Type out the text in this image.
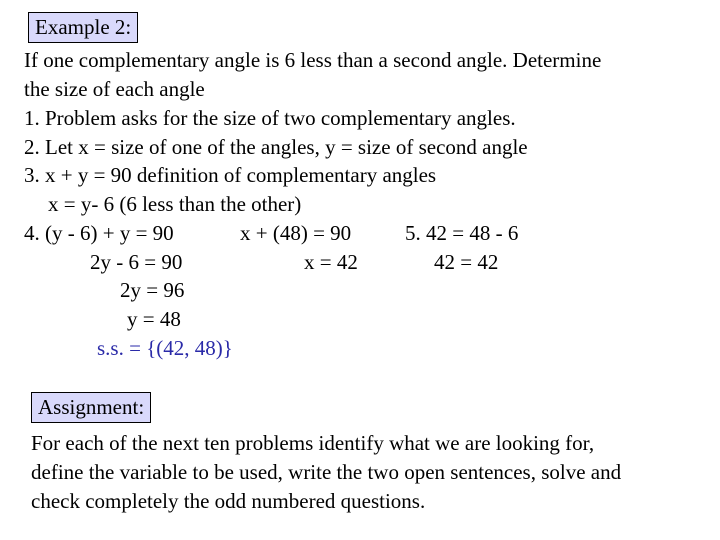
Example 2:

If one complementary angle is 6 less than a second angle. Determine

the size of each angle

1. Problem asks for the size of two complementary angles.

2. Let x = size of one of the angles, y = size of second angle

3. x + y = 90 definition of complementary angles

x = y- 6 (6 less than the other)

4. (y - 6) + y = 90	x + (48) = 90	5. 42 = 48 - 6

2y - 6 = 90	x = 42	42 = 42

2y = 96

y = 48

s.s. = {(42, 48)}

Assignment:

For each of the next ten problems identify what we are looking for,

define the variable to be used, write the two open sentences, solve and

check completely the odd numbered questions.
